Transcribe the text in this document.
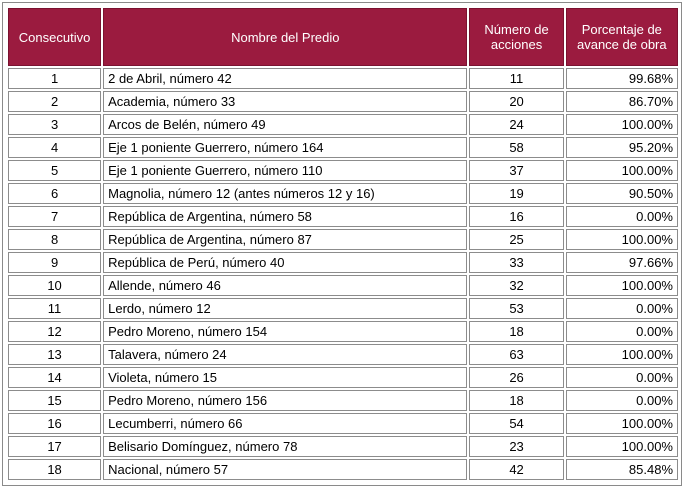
Consecutivo	Nombre del Predio	Número de acciones	Porcentaje de avance de obra
1	2 de Abril, número 42	11	99.68%
2	Academia, número 33	20	86.70%
3	Arcos de Belén, número 49	24	100.00%
4	Eje 1 poniente Guerrero, número 164	58	95.20%
5	Eje 1 poniente Guerrero, número 110	37	100.00%
6	Magnolia, número 12 (antes números 12 y 16)	19	90.50%
7	República de Argentina, número 58	16	0.00%
8	República de Argentina, número 87	25	100.00%
9	República de Perú, número 40	33	97.66%
10	Allende, número 46	32	100.00%
11	Lerdo, número 12	53	0.00%
12	Pedro Moreno, número 154	18	0.00%
13	Talavera, número 24	63	100.00%
14	Violeta, número 15	26	0.00%
15	Pedro Moreno, número 156	18	0.00%
16	Lecumberri, número 66	54	100.00%
17	Belisario Domínguez, número 78	23	100.00%
18	Nacional, número 57	42	85.48%
